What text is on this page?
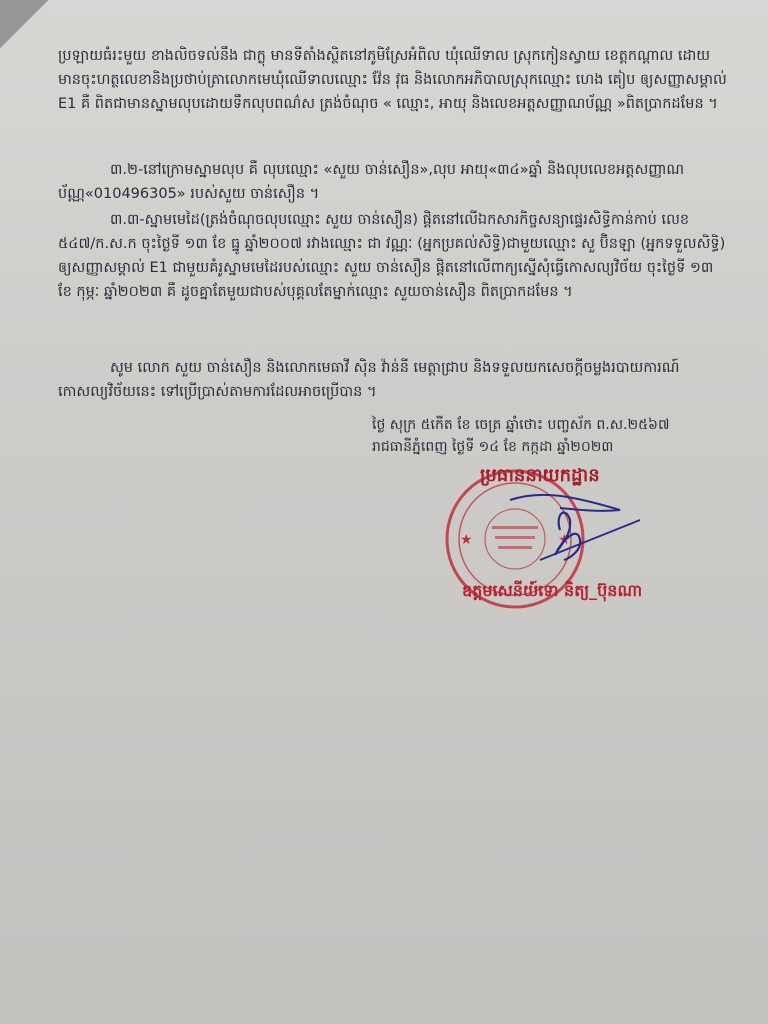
ប្រឡាយធំរះមួយ ខាងលិចទល់នឹង ជាក្លុ មានទីតាំងស្ថិតនៅភូមិស្រែអំពិល ឃុំឈើទាល ស្រុកកៀនស្វាយ ខេត្តកណ្តាល ដោយមានចុះហត្ថលេខានិងប្រថាប់ត្រាលោកមេឃុំឈើទាលឈ្មោះ វ៉ែន វុធ និងលោកអភិបាលស្រុកឈ្មោះ ហេង គៀប ឲ្យសញ្ញាសម្គាល់ E1 គឺ ពិតជាមានស្នាមលុបដោយទឹកលុបពណ៌ស ត្រង់ចំណុច « ឈ្មោះ, អាយុ និងលេខអត្តសញ្ញាណប័ណ្ណ »ពិតប្រាកដមែន ។
៣.២-នៅក្រោមស្នាមលុប គឺ លុបឈ្មោះ «សួយ ចាន់សឿន»,លុប អាយុ«៣៤»ឆ្នាំ និងលុបលេខអត្តសញ្ញាណប័ណ្ណ«010496305» របស់សួយ ចាន់សឿន ។
៣.៣-ស្នាមមេដៃ(ត្រង់ចំណុចលុបឈ្មោះ សួយ ចាន់សឿន) ផ្តិតនៅលើឯកសារកិច្ចសន្យាផ្ទេរសិទ្ធិកាន់កាប់ លេខ ៥៤៧/ក.ស.ក ចុះថ្ងៃទី ១៣ ខែ ធ្នូ ឆ្នាំ២០០៧ រវាងឈ្មោះ ជា វណ្ណៈ (អ្នកប្រគល់សិទ្ធិ)ជាមួយឈ្មោះ សួ ប៊ិនឡា (អ្នកទទួលសិទ្ធិ) ឲ្យសញ្ញាសម្គាល់ E1 ជាមួយគំរូស្នាមមេដៃរបស់ឈ្មោះ សួយ ចាន់សឿន ផ្តិតនៅលើពាក្យស្នើសុំធ្វើកោសល្យវិច័យ ចុះថ្ងៃទី ១៣ ខែ កុម្ភៈ ឆ្នាំ២០២៣ គឺ ដូចគ្នាតែមួយជាបស់បុគ្គលតែម្នាក់ឈ្មោះ សួយចាន់សឿន ពិតប្រាកដមែន ។
សូម លោក សួយ ចាន់សឿន និងលោកមេធាវី ស៊ិន វ៉ាន់នី មេត្តាជ្រាប និងទទួលយកសេចក្តីចម្លងរបាយការណ៍កោសល្យវិច័យនេះ ទៅប្រើប្រាស់តាមការដែលអាចប្រើបាន ។
ថ្ងៃ សុក្រ ៥កើត ខែ ចេត្រ ឆ្នាំថោះ បញ្ចស័ក ព.ស.២៥៦៧
រាជធានីភ្នំពេញ ថ្ងៃទី ១៤ ខែ កក្កដា ឆ្នាំ២០២៣
★	★
ប្រធាននាយកដ្ឋាន
ឧត្តមសេនីយ៍ទោ និត្យ_ប៊ុនណា
